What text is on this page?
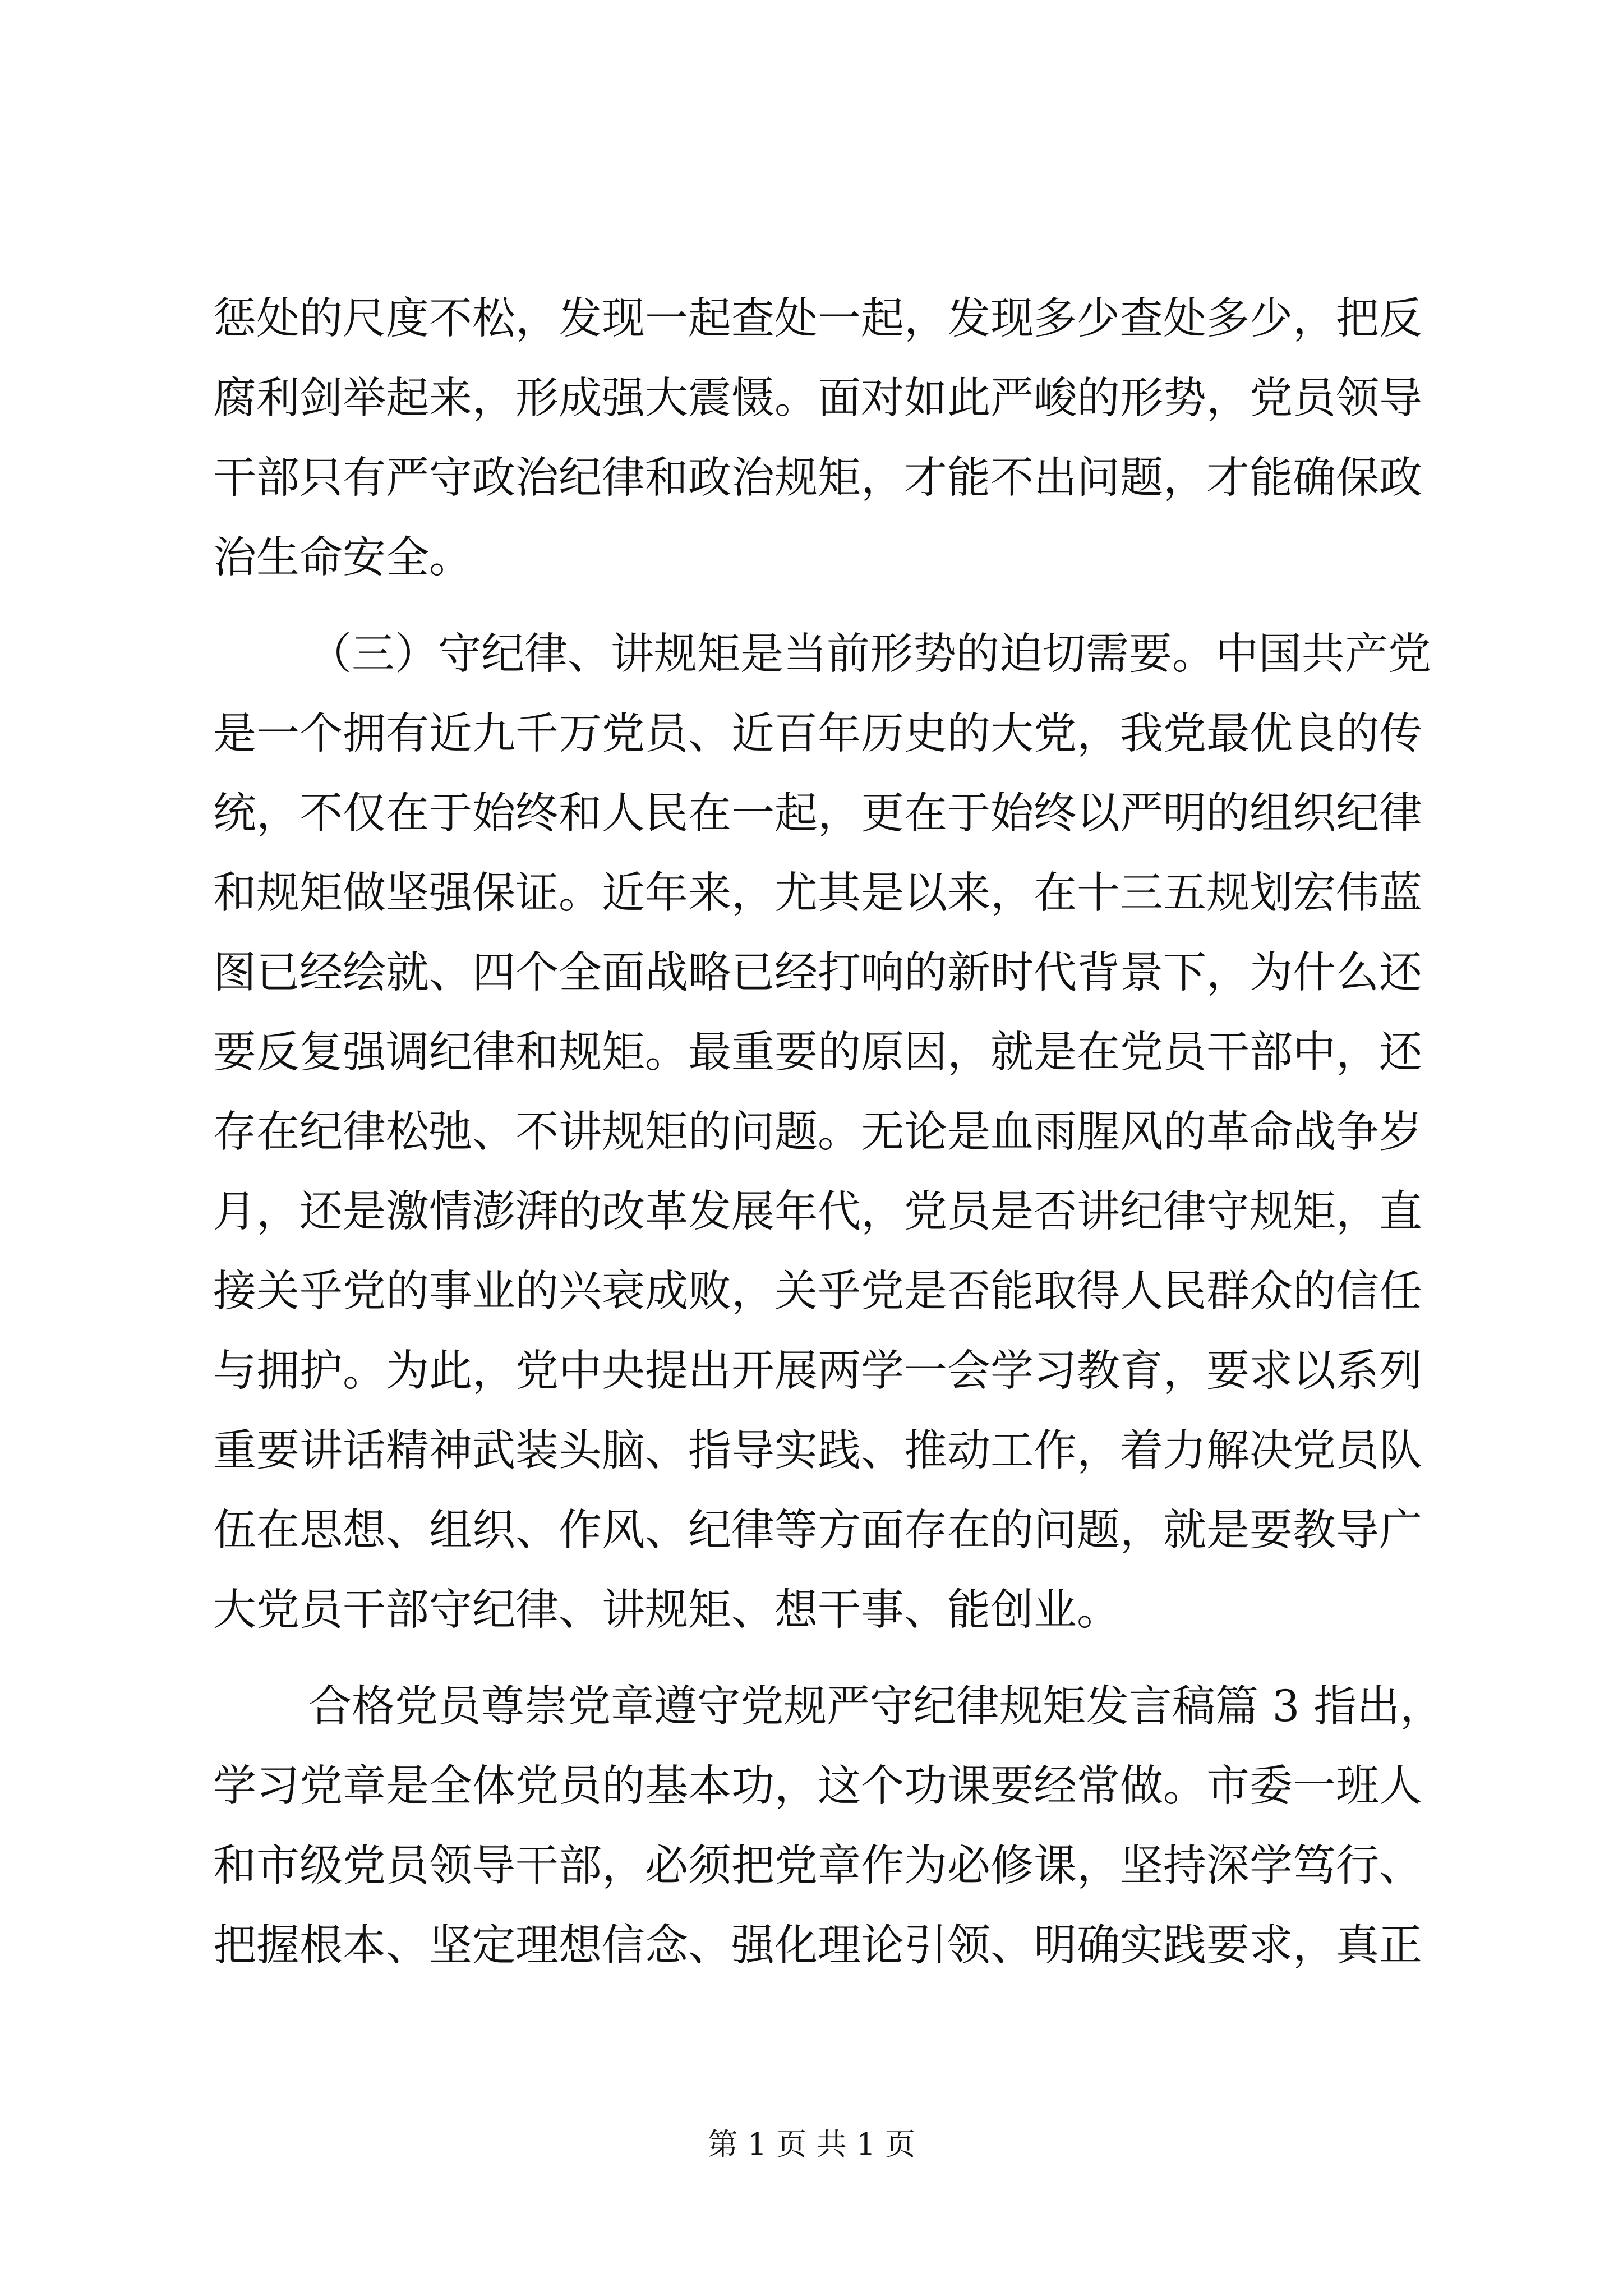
惩处的尺度不松，发现一起查处一起，发现多少查处多少，把反
腐利剑举起来，形成强大震慑。面对如此严峻的形势，党员领导
干部只有严守政治纪律和政治规矩，才能不出问题，才能确保政
治生命安全。
（三）守纪律、讲规矩是当前形势的迫切需要。中国共产党
是一个拥有近九千万党员、近百年历史的大党，我党最优良的传
统，不仅在于始终和人民在一起，更在于始终以严明的组织纪律
和规矩做坚强保证。近年来，尤其是以来，在十三五规划宏伟蓝
图已经绘就、四个全面战略已经打响的新时代背景下，为什么还
要反复强调纪律和规矩。最重要的原因，就是在党员干部中，还
存在纪律松弛、不讲规矩的问题。无论是血雨腥风的革命战争岁
月，还是激情澎湃的改革发展年代，党员是否讲纪律守规矩，直
接关乎党的事业的兴衰成败，关乎党是否能取得人民群众的信任
与拥护。为此，党中央提出开展两学一会学习教育，要求以系列
重要讲话精神武装头脑、指导实践、推动工作，着力解决党员队
伍在思想、组织、作风、纪律等方面存在的问题，就是要教导广
大党员干部守纪律、讲规矩、想干事、能创业。
合格党员尊崇党章遵守党规严守纪律规矩发言稿篇 3 指出，
学习党章是全体党员的基本功，这个功课要经常做。市委一班人
和市级党员领导干部，必须把党章作为必修课，坚持深学笃行、
把握根本、坚定理想信念、强化理论引领、明确实践要求，真正
第 1 页 共 1 页
